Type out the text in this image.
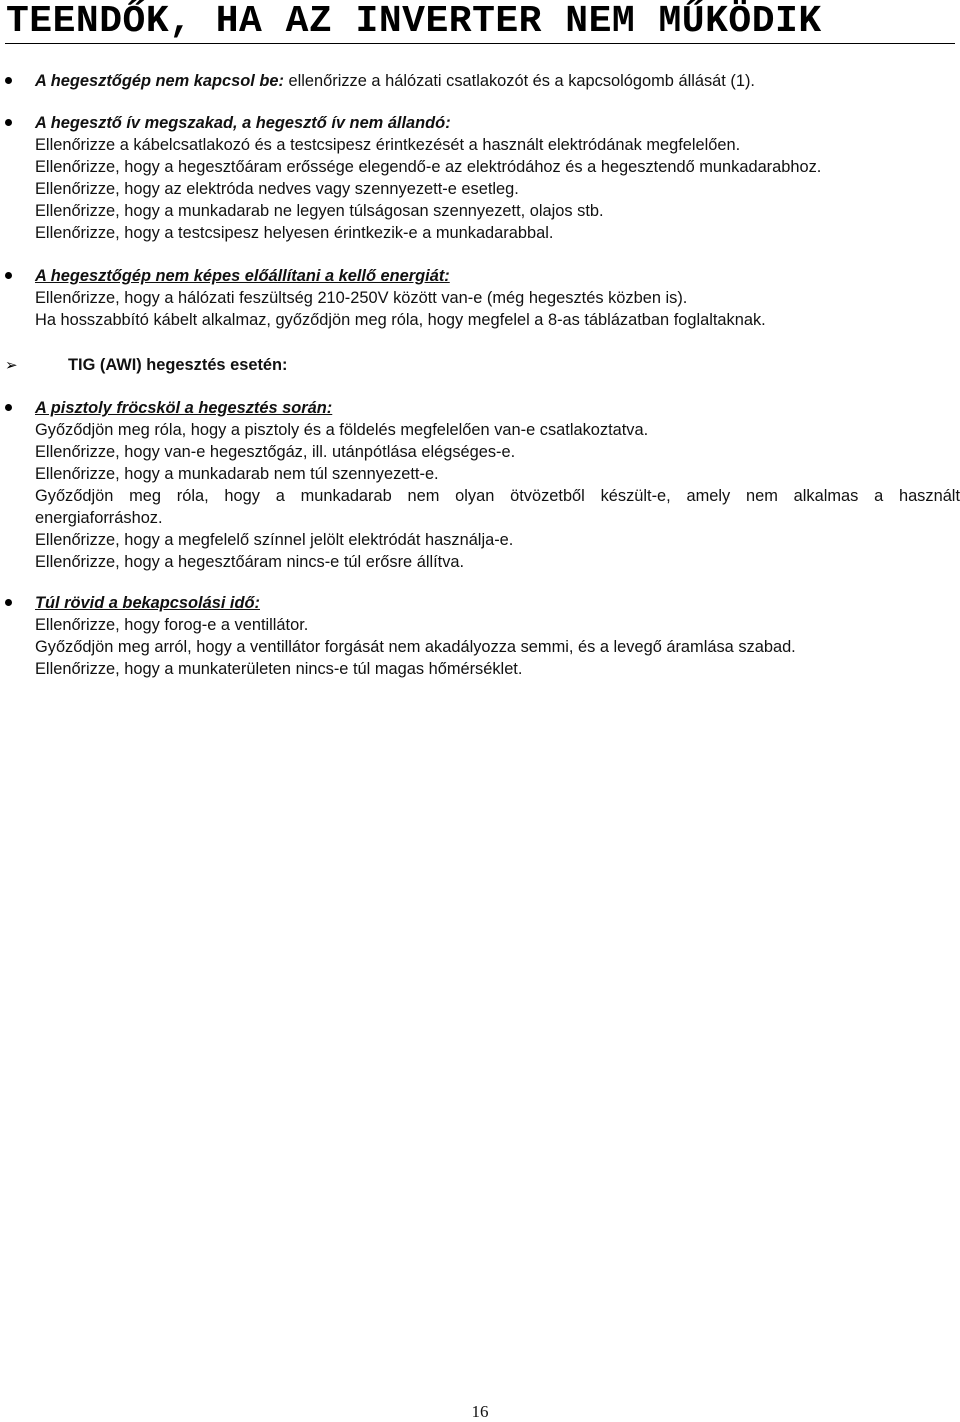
TEENDŐK, HA AZ INVERTER NEM MŰKÖDIK
A hegesztőgép nem kapcsol be: ellenőrizze a hálózati csatlakozót és a kapcsológomb állását (1).
A hegesztő ív megszakad, a hegesztő ív nem állandó:
Ellenőrizze a kábelcsatlakozó és a testcsipesz érintkezését a használt elektródának megfelelően.
Ellenőrizze, hogy a hegesztőáram erőssége elegendő-e az elektródához és a hegesztendő munkadarabhoz.
Ellenőrizze, hogy az elektróda nedves vagy szennyezett-e esetleg.
Ellenőrizze, hogy a munkadarab ne legyen túlságosan szennyezett, olajos stb.
Ellenőrizze, hogy a testcsipesz helyesen érintkezik-e a munkadarabbal.
A hegesztőgép nem képes előállítani a kellő energiát:
Ellenőrizze, hogy a hálózati feszültség 210-250V között van-e (még hegesztés közben is).
Ha hosszabbító kábelt alkalmaz, győződjön meg róla, hogy megfelel a 8-as táblázatban foglaltaknak.
➢	TIG (AWI) hegesztés esetén:
A pisztoly fröcsköl a hegesztés során:
Győződjön meg róla, hogy a pisztoly és a földelés megfelelően van-e csatlakoztatva.
Ellenőrizze, hogy van-e hegesztőgáz, ill. utánpótlása elégséges-e.
Ellenőrizze, hogy a munkadarab nem túl szennyezett-e.
Győződjön meg róla, hogy a munkadarab nem olyan ötvözetből készült-e, amely nem alkalmas a használt
energiaforráshoz.
Ellenőrizze, hogy a megfelelő színnel jelölt elektródát használja-e.
Ellenőrizze, hogy a hegesztőáram nincs-e túl erősre állítva.
Túl rövid a bekapcsolási idő:
Ellenőrizze, hogy forog-e a ventillátor.
Győződjön meg arról, hogy a ventillátor forgását nem akadályozza semmi, és a levegő áramlása szabad.
Ellenőrizze, hogy a munkaterületen nincs-e túl magas hőmérséklet.
16
